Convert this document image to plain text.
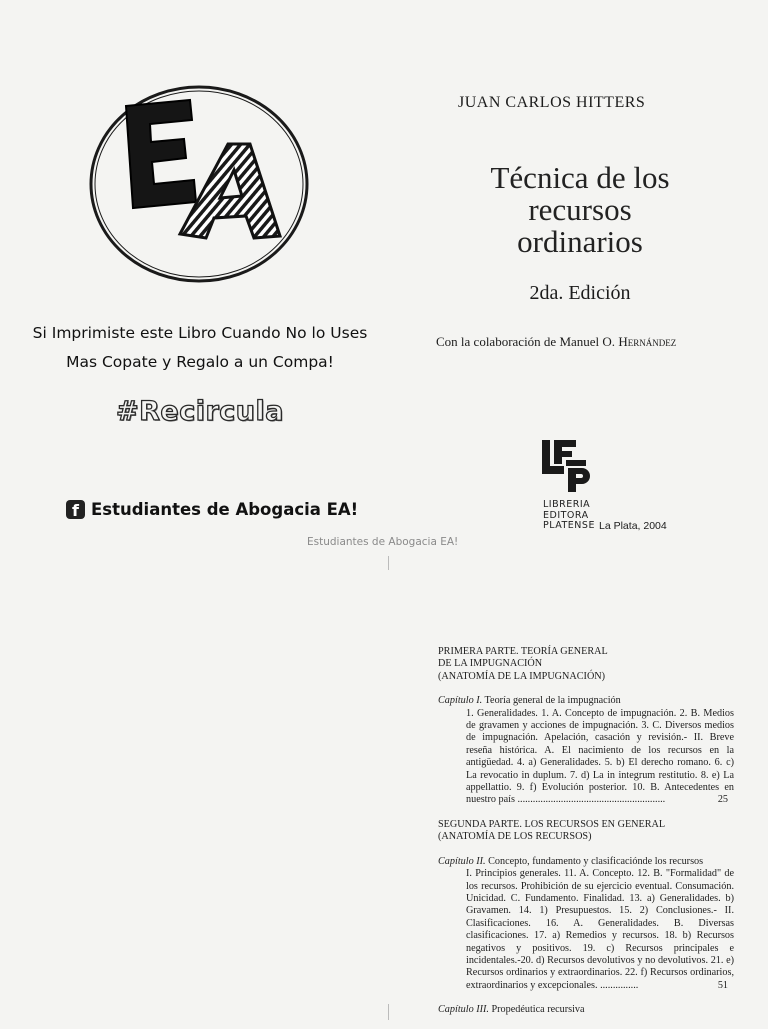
Si Imprimiste este Libro Cuando No lo Uses
Mas Copate y Regalo a un Compa!
#Recircula
f Estudiantes de Abogacia EA!
Estudiantes de Abogacia EA!
JUAN CARLOS HITTERS
Técnica de los
recursos
ordinarios
2da. Edición
Con la colaboración de Manuel O. Hernández
LIBRERIA
EDITORA
PLATENSE La Plata, 2004
PRIMERA PARTE. TEORÍA GENERAL
DE LA IMPUGNACIÓN
(ANATOMÍA DE LA IMPUGNACIÓN)
Capítulo I. Teoría general de la impugnación
1. Generalidades. 1. A. Concepto de impugnación. 2. B. Medios de gravamen y acciones de impugnación. 3. C. Diversos medios de impugnación. Apelación, casación y revisión.- II. Breve reseña histórica. A. El nacimiento de los recursos en la antigüedad. 4. a) Generalidades. 5. b) El derecho romano. 6. c) La revocatio in duplum. 7. d) La in integrum restitutio. 8. e) La appellattio. 9. f) Evolución posterior. 10. B. Antecedentes en nuestro país ..........................................................	25
SEGUNDA PARTE. LOS RECURSOS EN GENERAL
(ANATOMÍA DE LOS RECURSOS)
Capítulo II. Concepto, fundamento y clasificacióndе los recursos
I. Principios generales. 11. A. Concepto. 12. B. "Formalidad" de los recursos. Prohibición de su ejercicio eventual. Consumación. Unicidad. C. Fundamento. Finalidad. 13. a) Generalidades. b) Gravamen. 14. 1) Presupuestos. 15. 2) Conclusiones.- II. Clasificaciones. 16. A. Generalidades. B. Diversas clasificaciones. 17. a) Remedios y recursos. 18. b) Recursos negativos y positivos. 19. c) Recursos principales e incidentales.-20. d) Recursos devolutivos y no devolutivos. 21. e) Recursos ordinarios y extraordinarios. 22. f) Recursos ordinarios, extraordinarios y excepcionales. ...............	51
Capítulo III. Propedéutica recursiva
